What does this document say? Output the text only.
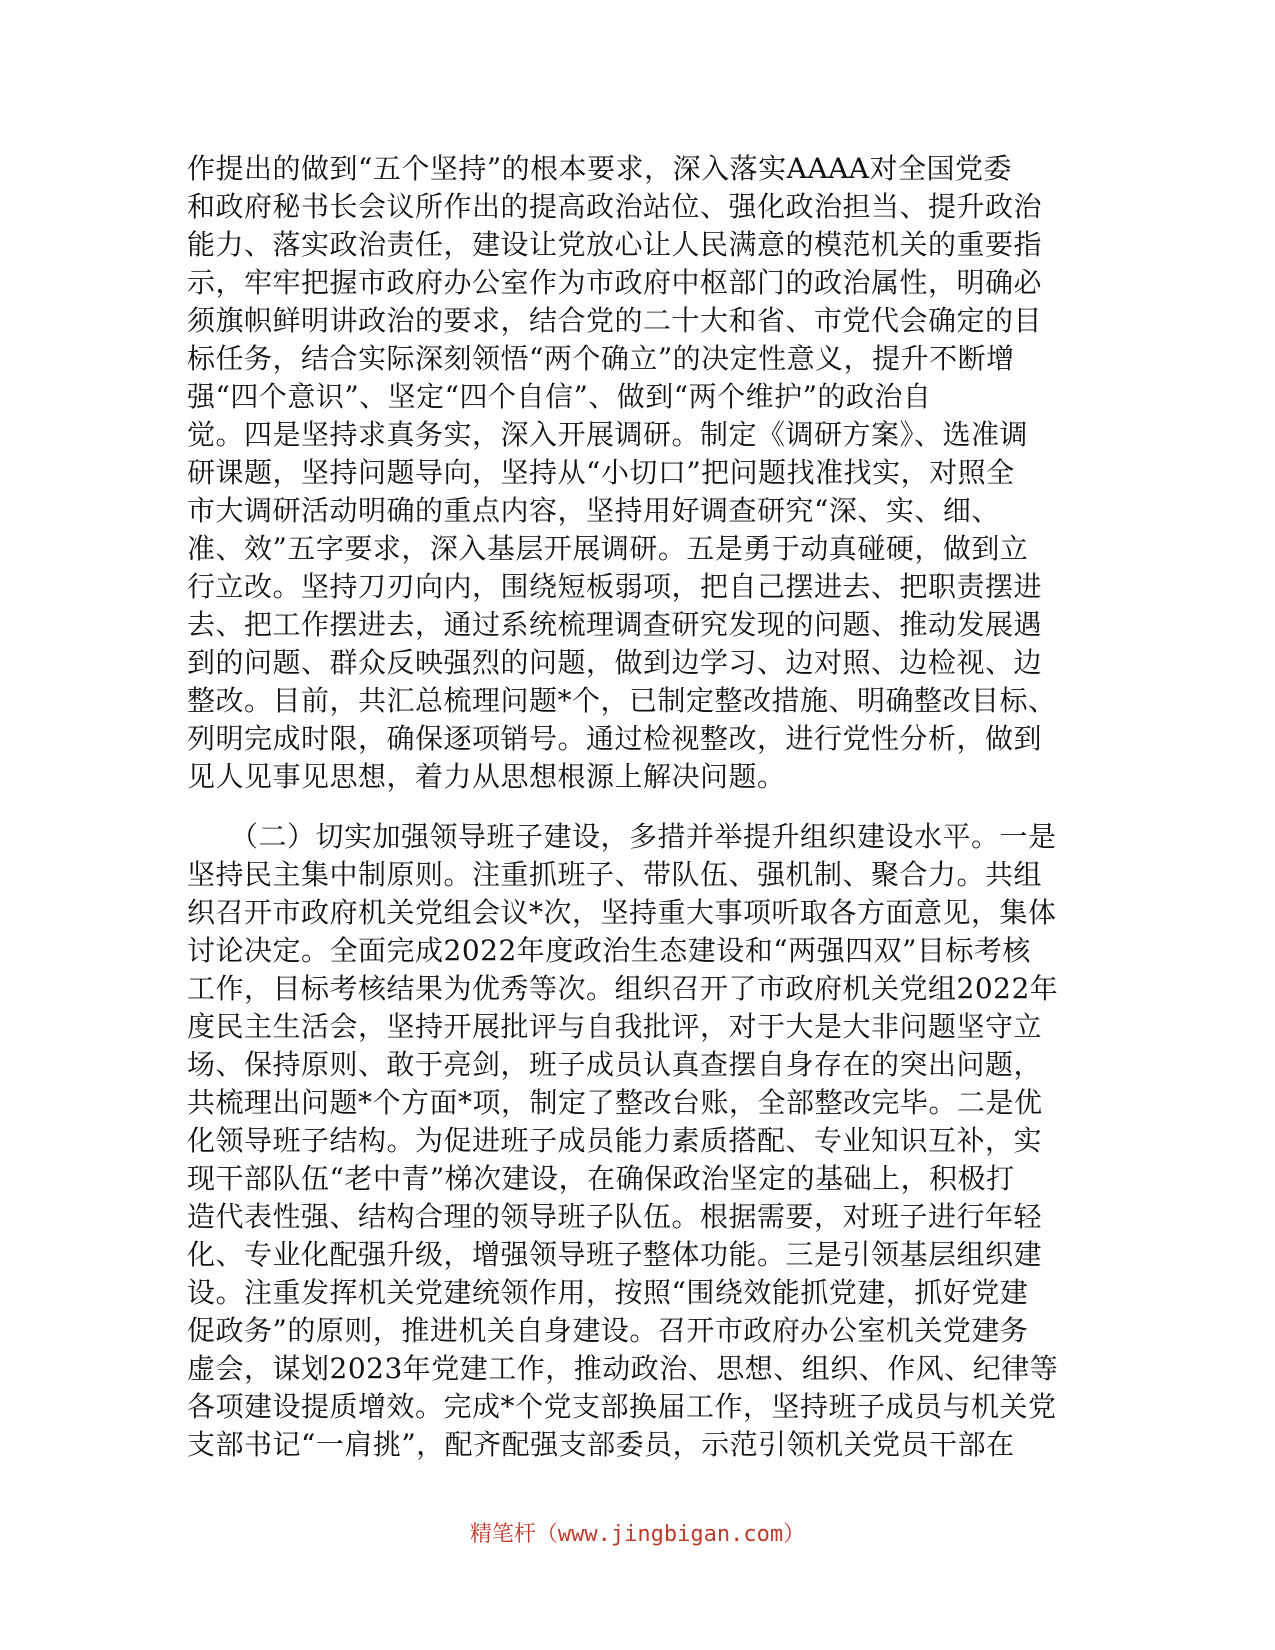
作提出的做到“五个坚持”的根本要求，深入落实AAAA对全国党委
和政府秘书长会议所作出的提高政治站位、强化政治担当、提升政治
能力、落实政治责任，建设让党放心让人民满意的模范机关的重要指
示，牢牢把握市政府办公室作为市政府中枢部门的政治属性，明确必
须旗帜鲜明讲政治的要求，结合党的二十大和省、市党代会确定的目
标任务，结合实际深刻领悟“两个确立”的决定性意义，提升不断增
强“四个意识”、坚定“四个自信”、做到“两个维护”的政治自
觉。四是坚持求真务实，深入开展调研。制定《调研方案》、选准调
研课题，坚持问题导向，坚持从“小切口”把问题找准找实，对照全
市大调研活动明确的重点内容，坚持用好调查研究“深、实、细、
准、效”五字要求，深入基层开展调研。五是勇于动真碰硬，做到立
行立改。坚持刀刃向内，围绕短板弱项，把自己摆进去、把职责摆进
去、把工作摆进去，通过系统梳理调查研究发现的问题、推动发展遇
到的问题、群众反映强烈的问题，做到边学习、边对照、边检视、边
整改。目前，共汇总梳理问题*个，已制定整改措施、明确整改目标、
列明完成时限，确保逐项销号。通过检视整改，进行党性分析，做到
见人见事见思想，着力从思想根源上解决问题。
　　（二）切实加强领导班子建设，多措并举提升组织建设水平。一是
坚持民主集中制原则。注重抓班子、带队伍、强机制、聚合力。共组
织召开市政府机关党组会议*次，坚持重大事项听取各方面意见，集体
讨论决定。全面完成2022年度政治生态建设和“两强四双”目标考核
工作，目标考核结果为优秀等次。组织召开了市政府机关党组2022年
度民主生活会，坚持开展批评与自我批评，对于大是大非问题坚守立
场、保持原则、敢于亮剑，班子成员认真查摆自身存在的突出问题，
共梳理出问题*个方面*项，制定了整改台账，全部整改完毕。二是优
化领导班子结构。为促进班子成员能力素质搭配、专业知识互补，实
现干部队伍“老中青”梯次建设，在确保政治坚定的基础上，积极打
造代表性强、结构合理的领导班子队伍。根据需要，对班子进行年轻
化、专业化配强升级，增强领导班子整体功能。三是引领基层组织建
设。注重发挥机关党建统领作用，按照“围绕效能抓党建，抓好党建
促政务”的原则，推进机关自身建设。召开市政府办公室机关党建务
虚会，谋划2023年党建工作，推动政治、思想、组织、作风、纪律等
各项建设提质增效。完成*个党支部换届工作，坚持班子成员与机关党
支部书记“一肩挑”，配齐配强支部委员，示范引领机关党员干部在
精笔杆（www.jingbigan.com）
